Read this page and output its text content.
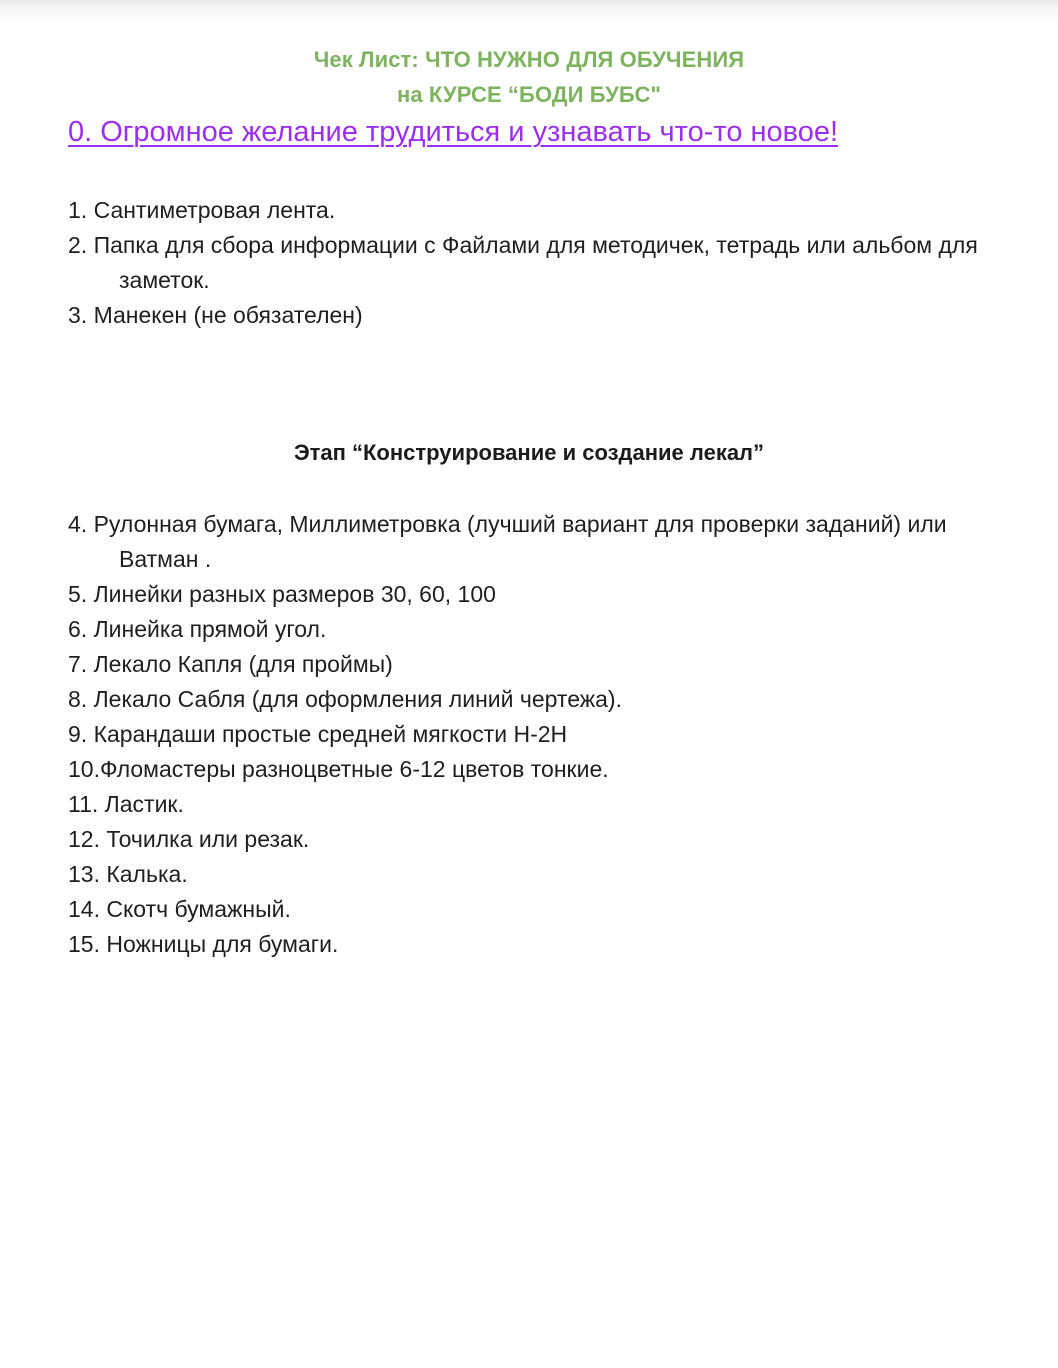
Чек Лист: ЧТО НУЖНО ДЛЯ ОБУЧЕНИЯ
на КУРСЕ “БОДИ БУБС"
0. Огромное желание трудиться и узнавать что-то новое!
1. Сантиметровая лента.
2. Папка для сбора информации с Файлами для методичек, тетрадь или альбом для заметок.
3. Манекен (не обязателен)
Этап “Конструирование и создание лекал”
4. Рулонная бумага, Миллиметровка (лучший вариант для проверки заданий) или Ватман .
5. Линейки разных размеров 30, 60, 100
6. Линейка прямой угол.
7. Лекало Капля (для проймы)
8. Лекало Сабля (для оформления линий чертежа).
9. Карандаши простые средней мягкости Н-2Н
10.Фломастеры разноцветные 6-12 цветов тонкие.
11. Ластик.
12. Точилка или резак.
13. Калька.
14. Скотч бумажный.
15. Ножницы для бумаги.
